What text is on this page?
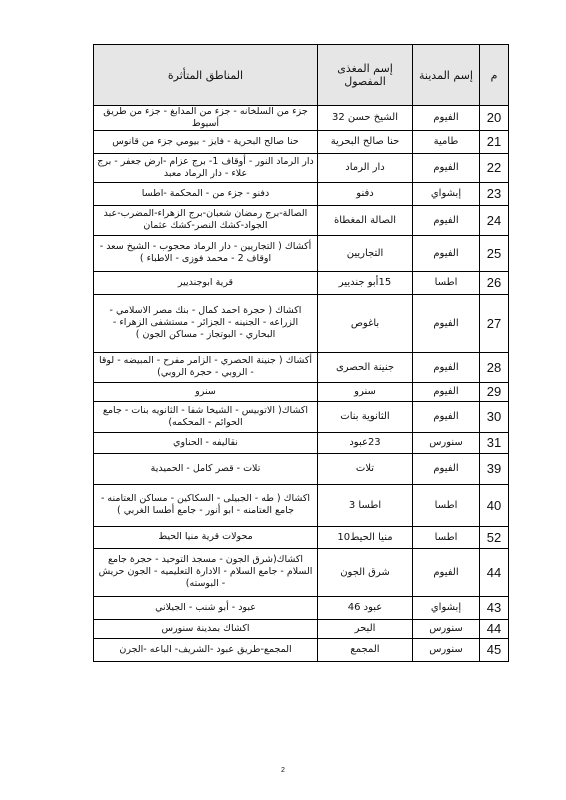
م	إسم المدينة	إسم المغذى المفصول	المناطق المتأثرة
20	الفيوم	الشيخ حسن 32	جزء من السلخانه - جزء من المدابغ - جزء من طريق أسيوط
21	طامية	حنا صالح البحرية	حنا صالح البحرية - فايز - بيومي جزء من قانوس
22	الفيوم	دار الرماد	دار الرماد النور - أوقاف 1- برج عزام -ارض جعفر - برج علاء - دار الرماد معبد
23	إبشواي	دفنو	دفنو - جزء من - المحكمة -اطسا
24	الفيوم	الصالة المغطاة	الصالة-برج رمضان شعبان-برج الزهراء-المضرب-عبد الجواد-كشك النصر-كشك عثمان
25	الفيوم	التجاريين	أكشاك ( التجاريين - دار الرماد محجوب - الشيخ سعد - اوقاف 2 - محمد فوزى - الاطباء )
26	اطسا	15أبو جنديير	قرية ابوجنديير
27	الفيوم	باغوص	اكشاك ( حجرة احمد كمال - بنك مصر الاسلامي - الزراعه - الجنينه - الجزائر - مستشفى الزهراء - البحاري - البوتجاز - مساكن الجون )
28	الفيوم	جنينة الحصرى	أكشاك ( جنينة الحصري - الزامر مفرح - المبيضه - لوقا - الروبي - حجرة الروبي)
29	الفيوم	سنرو	سنرو
30	الفيوم	الثانوية بنات	اكشاك( الاتوبيس - الشيخا شفا - الثانويه بنات - جامع الحوائم - المحكمه)
31	سنورس	23عبود	نقاليفه - الحناوي
39	الفيوم	تلات	تلات - قصر كامل - الحميدية
40	اطسا	اطسا 3	اكشاك ( طه - الجبيلى - السكاكين - مساكن العتامنه - جامع العتامنه - ابو أنور - جامع أطسا الغربي )
52	اطسا	منيا الحيط10	محولات قرية منيا الحيط
44	الفيوم	شرق الجون	اكشاك(شرق الجون - مسجد التوحيد - حجرة جامع السلام - جامع السلام - الادارة التعليميه - الجون حريش - البوسته)
43	إبشواي	عبود 46	عبود - أبو شنب - الجيلاني
44	سنورس	البحر	اكشاك بمدينة سنورس
45	سنورس	المجمع	المجمع-طريق عبود -الشريف- الباعه -الجرن
2
